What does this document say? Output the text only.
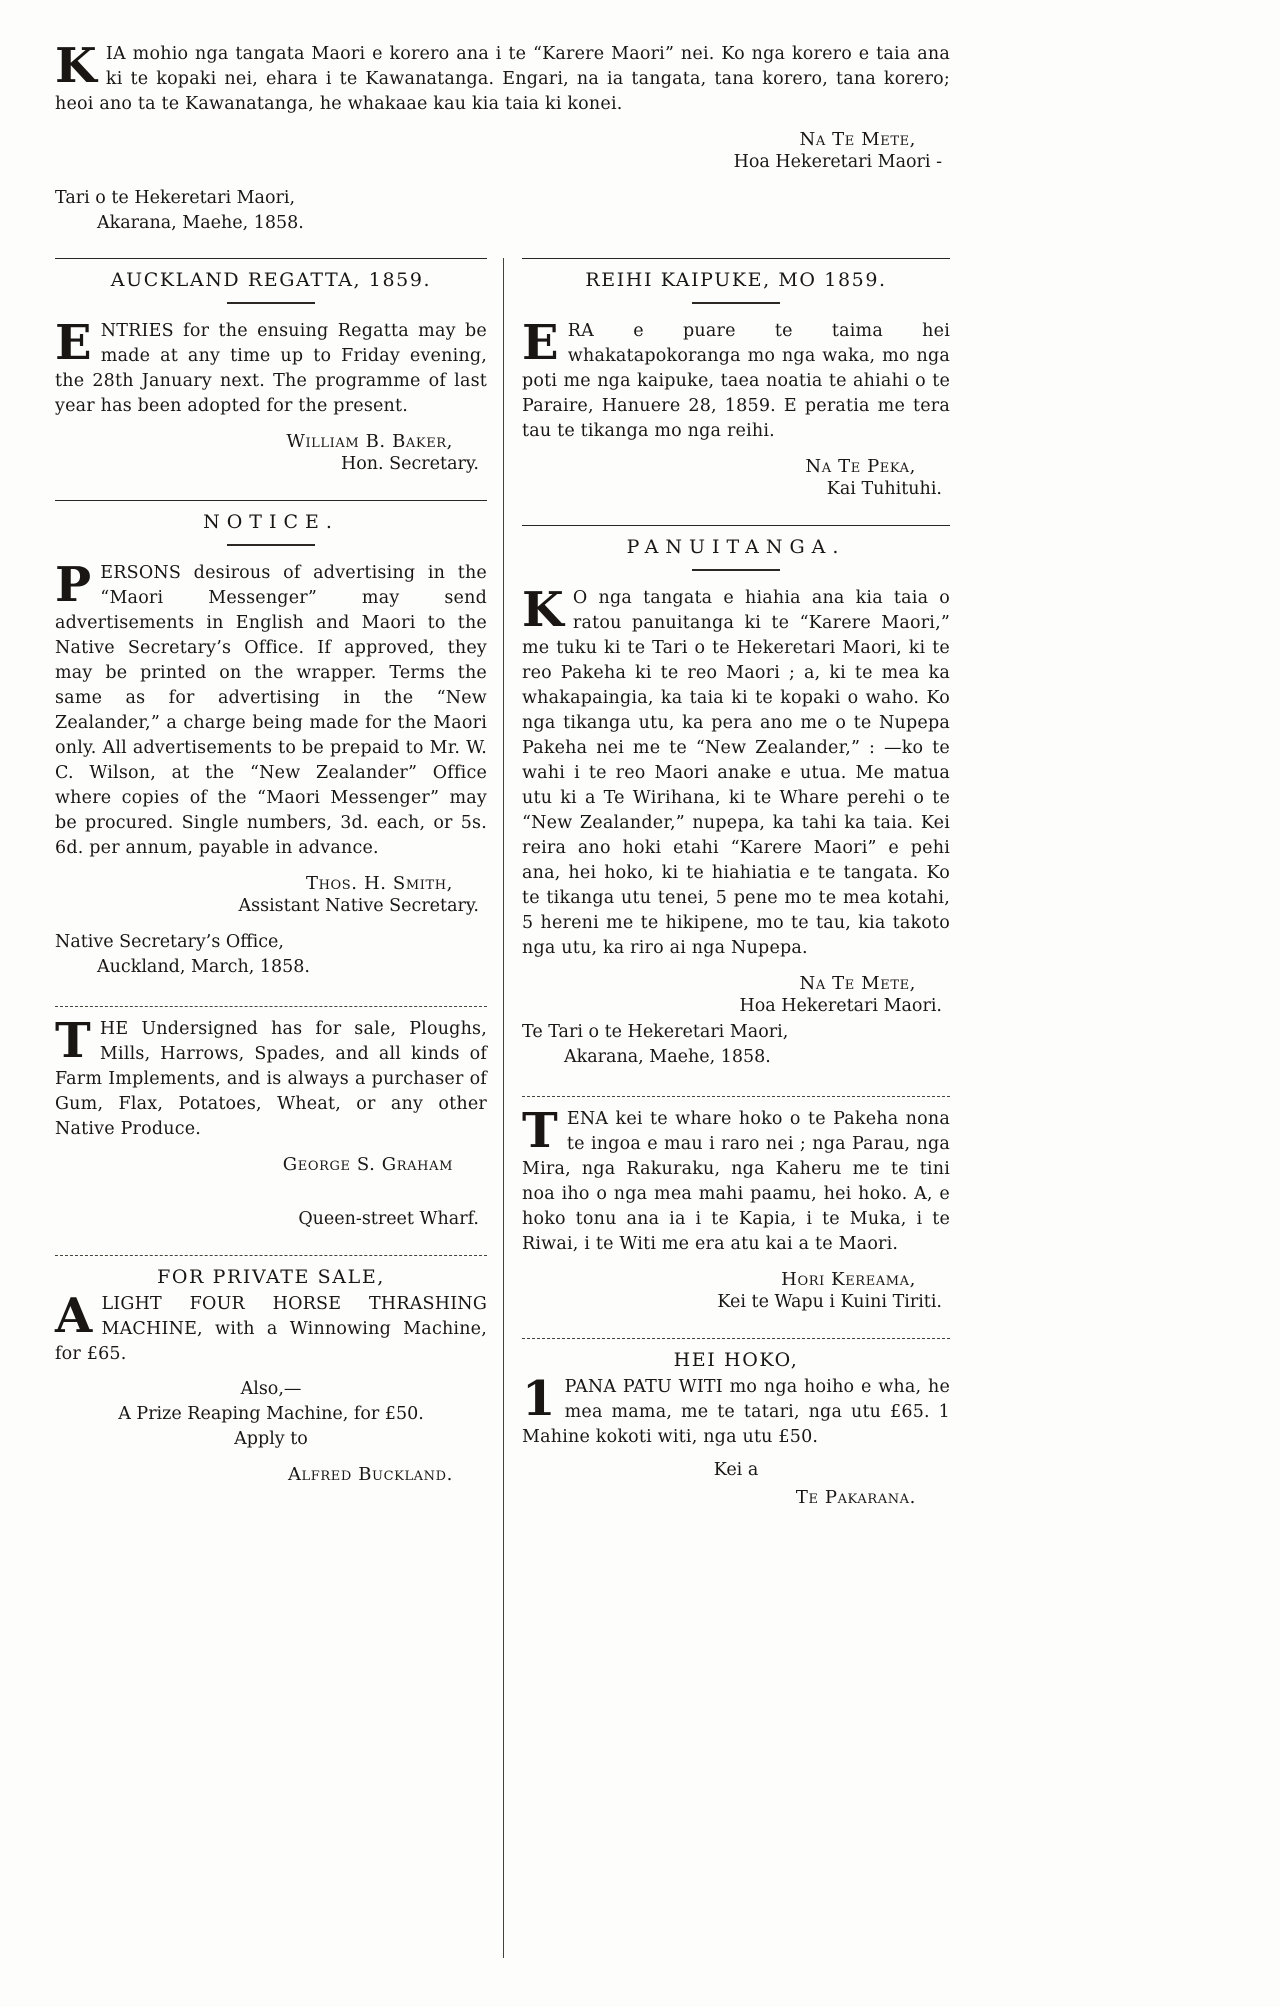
K IA mohio nga tangata Maori e korero ana i te “Karere Maori” nei. Ko nga korero e taia ana ki te kopaki nei, ehara i te Kawanatanga. Engari, na ia tangata, tana korero, tana korero; heoi ano ta te Kawanatanga, he whakaae kau kia taia ki konei.

Na Te Mete,
Hoa Hekeretari Maori -
Tari o te Hekeretari Maori,
Akarana, Maehe, 1858.
AUCKLAND REGATTA, 1859.

E NTRIES for the ensuing Regatta may be made at any time up to Friday evening, the 28th January next. The programme of last year has been adopted for the present.

William B. Baker,
Hon. Secretary.
NOTICE.

P ERSONS desirous of advertising in the “Maori Messenger” may send advertisements in English and Maori to the Native Secretary’s Office. If approved, they may be printed on the wrapper. Terms the same as for advertising in the “New Zealander,” a charge being made for the Maori only. All advertisements to be prepaid to Mr. W. C. Wilson, at the “New Zealander” Office where copies of the “Maori Messenger” may be procured. Single numbers, 3d. each, or 5s. 6d. per annum, payable in advance.

Thos. H. Smith,
Assistant Native Secretary.
Native Secretary’s Office,
Auckland, March, 1858.

T HE Undersigned has for sale, Ploughs, Mills, Harrows, Spades, and all kinds of Farm Implements, and is always a purchaser of Gum, Flax, Potatoes, Wheat, or any other Native Produce.

George S. Graham
Queen-street Wharf.
FOR PRIVATE SALE,

A LIGHT FOUR HORSE THRASHING MACHINE, with a Winnowing Machine, for £65.

Also,—
A Prize Reaping Machine, for £50.
Apply to
Alfred Buckland.
REIHI KAIPUKE, MO 1859.

E RA e puare te taima hei whakatapokoranga mo nga waka, mo nga poti me nga kaipuke, taea noatia te ahiahi o te Paraire, Hanuere 28, 1859. E peratia me tera tau te tikanga mo nga reihi.

Na Te Peka,
Kai Tuhituhi.
PANUITANGA.

K O nga tangata e hiahia ana kia taia o ratou panuitanga ki te “Karere Maori,” me tuku ki te Tari o te Hekeretari Maori, ki te reo Pakeha ki te reo Maori ; a, ki te mea ka whakapaingia, ka taia ki te kopaki o waho. Ko nga tikanga utu, ka pera ano me o te Nupepa Pakeha nei me te “New Zealander,” : —ko te wahi i te reo Maori anake e utua. Me matua utu ki a Te Wirihana, ki te Whare perehi o te “New Zealander,” nupepa, ka tahi ka taia. Kei reira ano hoki etahi “Karere Maori” e pehi ana, hei hoko, ki te hiahiatia e te tangata. Ko te tikanga utu tenei, 5 pene mo te mea kotahi, 5 hereni me te hikipene, mo te tau, kia takoto nga utu, ka riro ai nga Nupepa.

Na Te Mete,
Hoa Hekeretari Maori.
Te Tari o te Hekeretari Maori,
Akarana, Maehe, 1858.

T ENA kei te whare hoko o te Pakeha nona te ingoa e mau i raro nei ; nga Parau, nga Mira, nga Rakuraku, nga Kaheru me te tini noa iho o nga mea mahi paamu, hei hoko. A, e hoko tonu ana ia i te Kapia, i te Muka, i te Riwai, i te Witi me era atu kai a te Maori.

Hori Kereama,
Kei te Wapu i Kuini Tiriti.
HEI HOKO,

1 PANA PATU WITI mo nga hoiho e wha, he mea mama, me te tatari, nga utu £65. 1 Mahine kokoti witi, nga utu £50.

Kei a
Te Pakarana.
